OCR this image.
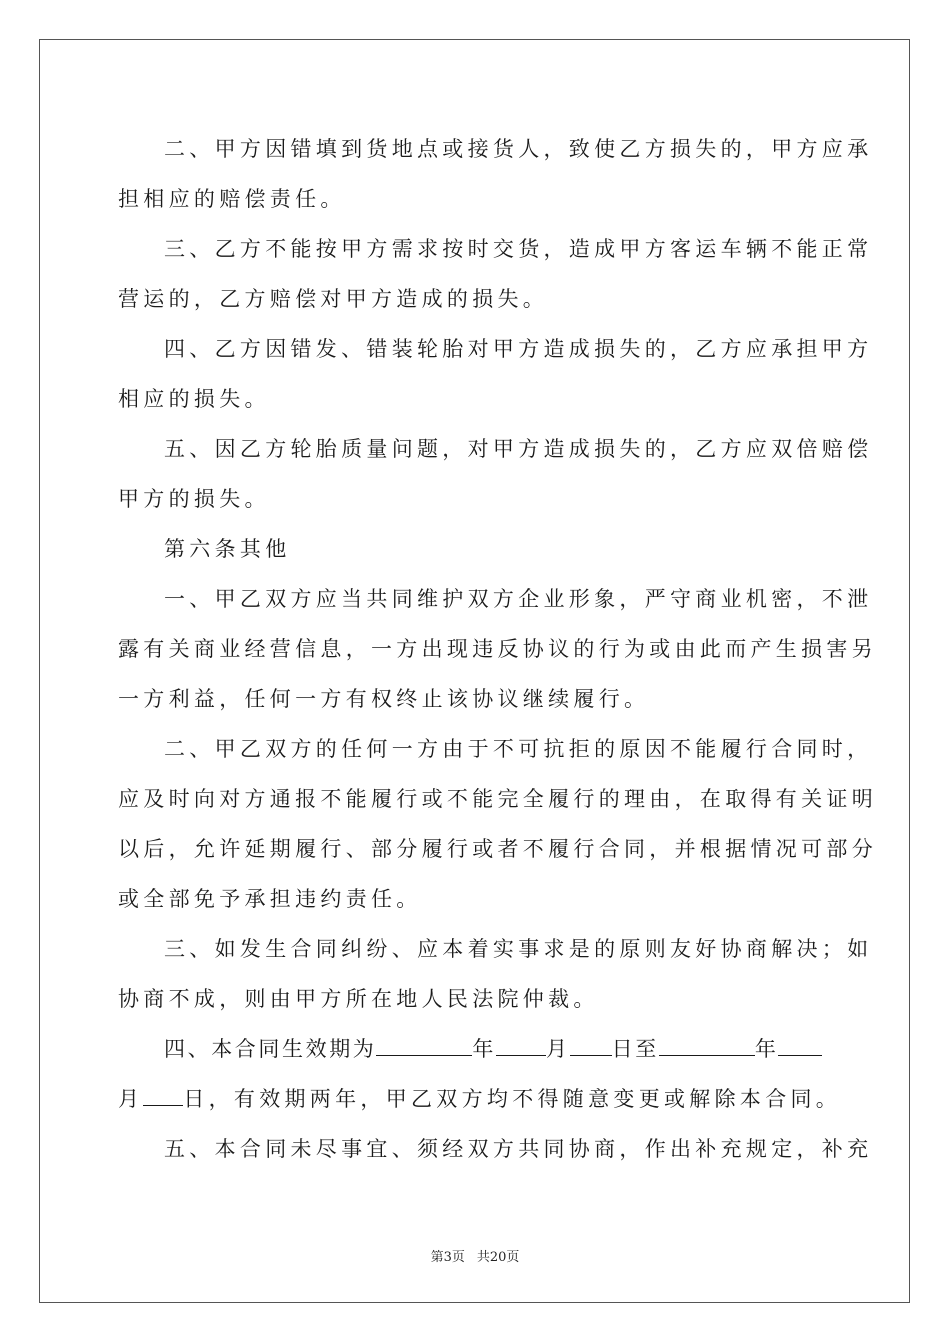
二、甲方因错填到货地点或接货人，致使乙方损失的，甲方应承
担相应的赔偿责任。
三、乙方不能按甲方需求按时交货，造成甲方客运车辆不能正常
营运的，乙方赔偿对甲方造成的损失。
四、乙方因错发、错装轮胎对甲方造成损失的，乙方应承担甲方
相应的损失。
五、因乙方轮胎质量问题，对甲方造成损失的，乙方应双倍赔偿
甲方的损失。
第六条其他
一、甲乙双方应当共同维护双方企业形象，严守商业机密，不泄
露有关商业经营信息，一方出现违反协议的行为或由此而产生损害另
一方利益，任何一方有权终止该协议继续履行。
二、甲乙双方的任何一方由于不可抗拒的原因不能履行合同时，
应及时向对方通报不能履行或不能完全履行的理由，在取得有关证明
以后，允许延期履行、部分履行或者不履行合同，并根据情况可部分
或全部免予承担违约责任。
三、如发生合同纠纷、应本着实事求是的原则友好协商解决；如
协商不成，则由甲方所在地人民法院仲裁。
四、本合同生效期为	年 月 日至	年
月 日，有效期两年，甲乙双方均不得随意变更或解除本合同。
五、本合同未尽事宜、须经双方共同协商，作出补充规定，补充
第3页 共20页
